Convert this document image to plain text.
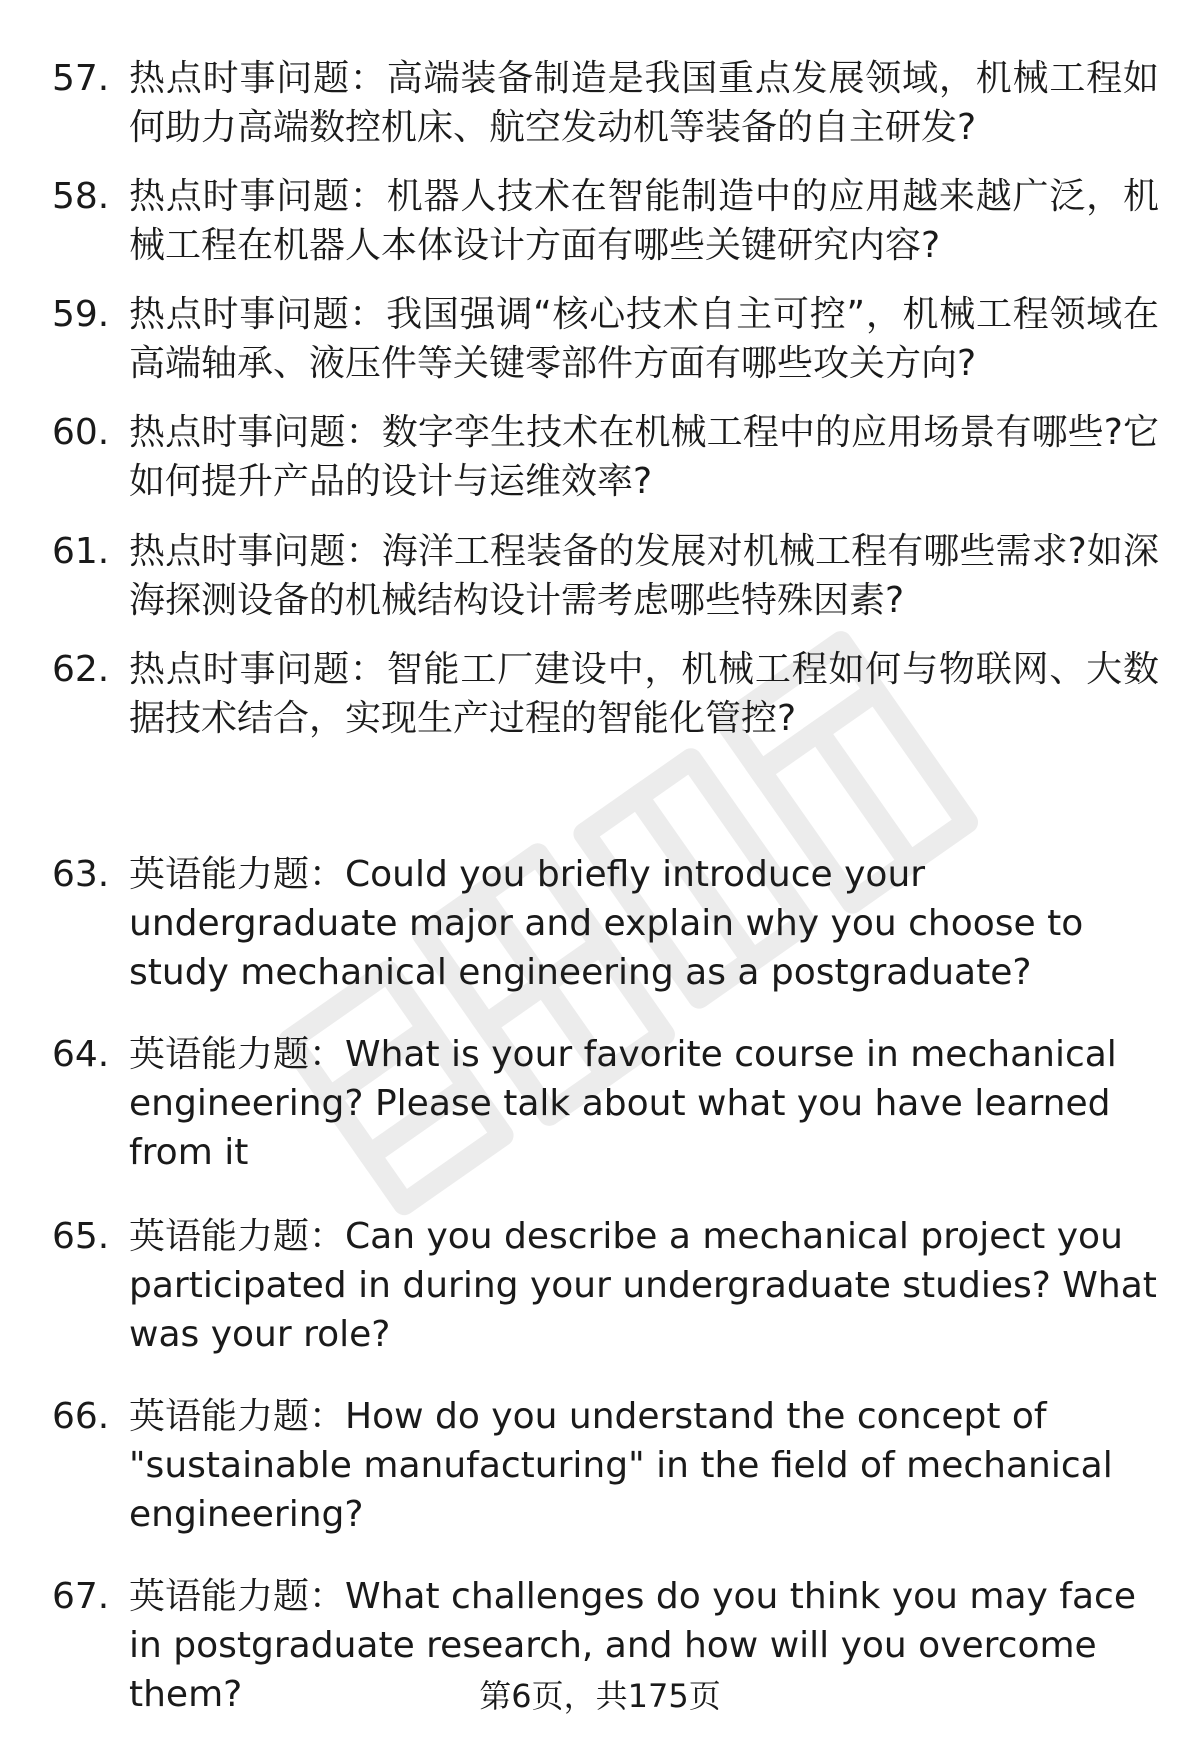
57. 热点时事问题：高端装备制造是我国重点发展领域，机械工程如何助力高端数控机床、航空发动机等装备的自主研发?
58. 热点时事问题：机器人技术在智能制造中的应用越来越广泛，机械工程在机器人本体设计方面有哪些关键研究内容?
59. 热点时事问题：我国强调“核心技术自主可控”，机械工程领域在高端轴承、液压件等关键零部件方面有哪些攻关方向?
60. 热点时事问题：数字孪生技术在机械工程中的应用场景有哪些?它如何提升产品的设计与运维效率?
61. 热点时事问题：海洋工程装备的发展对机械工程有哪些需求?如深海探测设备的机械结构设计需考虑哪些特殊因素?
62. 热点时事问题：智能工厂建设中，机械工程如何与物联网、大数据技术结合，实现生产过程的智能化管控?
63. 英语能力题：Could you briefly introduce your undergraduate major and explain why you choose to study mechanical engineering as a postgraduate?
64. 英语能力题：What is your favorite course in mechanical engineering? Please talk about what you have learned from it
65. 英语能力题：Can you describe a mechanical project you participated in during your undergraduate studies? What was your role?
66. 英语能力题：How do you understand the concept of "sustainable manufacturing" in the field of mechanical engineering?
67. 英语能力题：What challenges do you think you may face in postgraduate research, and how will you overcome them?	第6页，共175页
